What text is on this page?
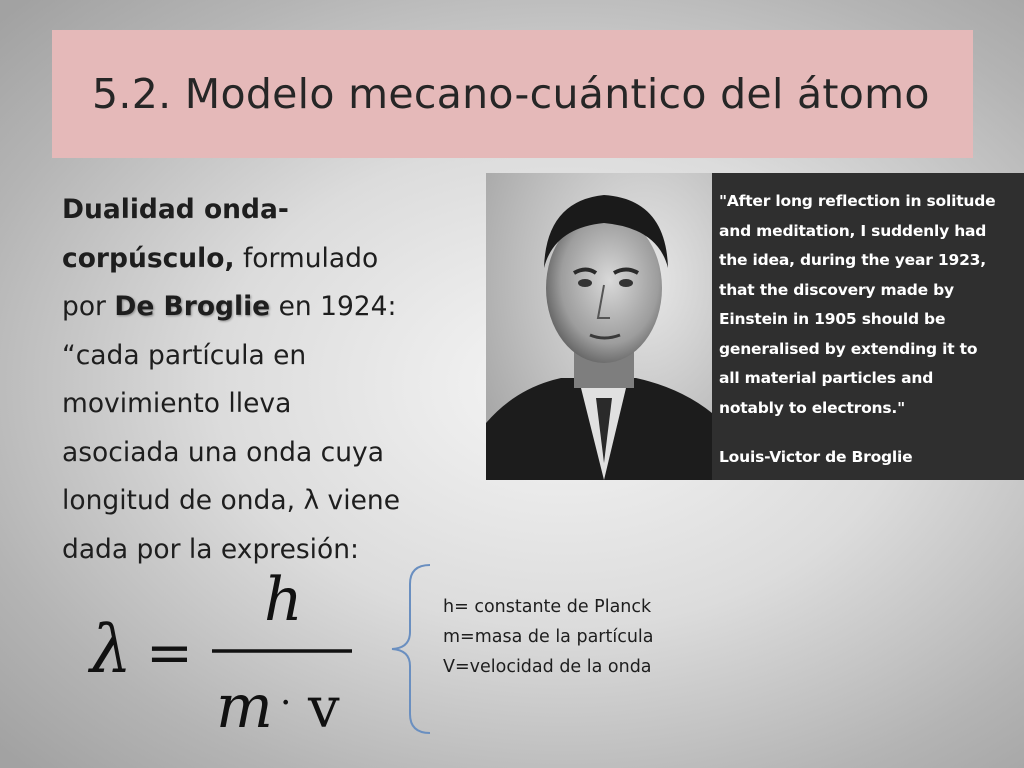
5.2. Modelo mecano-cuántico del átomo
Dualidad onda-
corpúsculo, formulado
por De Broglie en 1924:
“cada partícula en
movimiento lleva
asociada una onda cuya
longitud de onda, λ viene
dada por la expresión:
"After long reflection in solitude
and meditation, I suddenly had
the idea, during the year 1923,
that the discovery made by
Einstein in 1905 should be
generalised by extending it to
all material particles and
notably to electrons."
Louis-Victor de Broglie
λ =
h
m · v
h= constante de Planck
m=masa de la partícula
V=velocidad de la onda
